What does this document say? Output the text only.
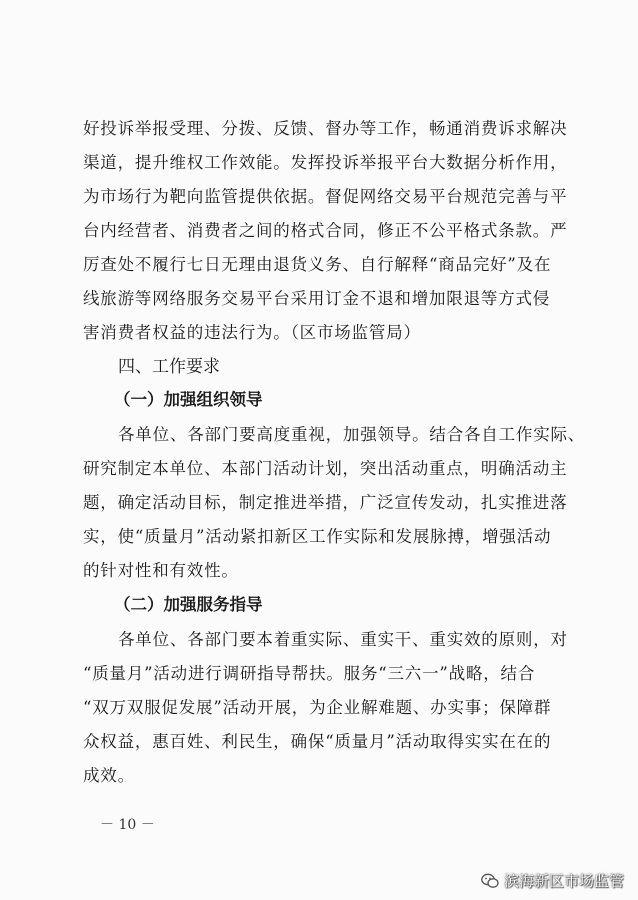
好投诉举报受理、分拨、反馈、督办等工作，畅通消费诉求解决
渠道，提升维权工作效能。发挥投诉举报平台大数据分析作用，
为市场行为靶向监管提供依据。督促网络交易平台规范完善与平
台内经营者、消费者之间的格式合同，修正不公平格式条款。严
厉查处不履行七日无理由退货义务、自行解释“商品完好”及在
线旅游等网络服务交易平台采用订金不退和增加限退等方式侵
害消费者权益的违法行为。（区市场监管局）
四、工作要求
（一）加强组织领导
各单位、各部门要高度重视，加强领导。结合各自工作实际、
研究制定本单位、本部门活动计划，突出活动重点，明确活动主
题，确定活动目标，制定推进举措，广泛宣传发动，扎实推进落
实，使“质量月”活动紧扣新区工作实际和发展脉搏，增强活动
的针对性和有效性。
（二）加强服务指导
各单位、各部门要本着重实际、重实干、重实效的原则，对
“质量月”活动进行调研指导帮扶。服务“三六一”战略，结合
“双万双服促发展”活动开展，为企业解难题、办实事；保障群
众权益，惠百姓、利民生，确保“质量月”活动取得实实在在的
成效。
－ 10 －
滨海新区市场监管
